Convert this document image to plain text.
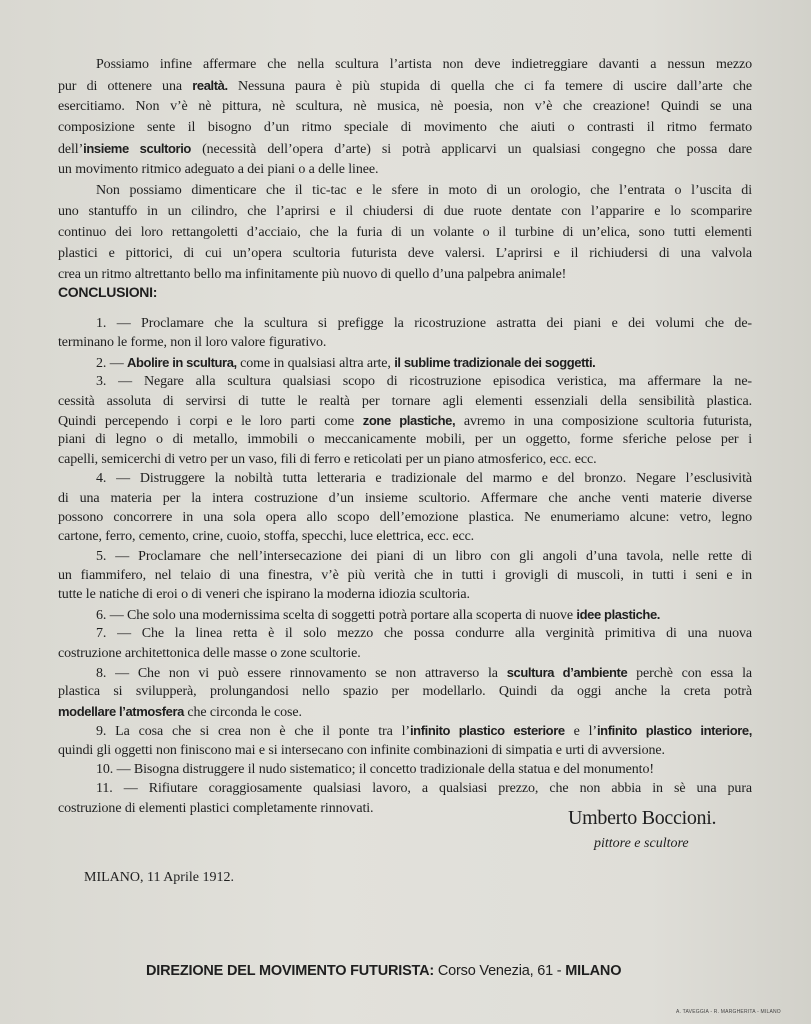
Possiamo infine affermare che nella scultura l’artista non deve indietreggiare davanti a nessun mezzo
pur di ottenere una realtà. Nessuna paura è più stupida di quella che ci fa temere di uscire dall’arte che
esercitiamo. Non v’è nè pittura, nè scultura, nè musica, nè poesia, non v’è che creazione! Quindi se una
composizione sente il bisogno d’un ritmo speciale di movimento che aiuti o contrasti il ritmo fermato
dell’insieme scultorio (necessità dell’opera d’arte) si potrà applicarvi un qualsiasi congegno che possa dare
un movimento ritmico adeguato a dei piani o a delle linee.
Non possiamo dimenticare che il tic-tac e le sfere in moto di un orologio, che l’entrata o l’uscita di
uno stantuffo in un cilindro, che l’aprirsi e il chiudersi di due ruote dentate con l’apparire e lo scomparire
continuo dei loro rettangoletti d’acciaio, che la furia di un volante o il turbine di un’elica, sono tutti elementi
plastici e pittorici, di cui un’opera scultoria futurista deve valersi. L’aprirsi e il richiudersi di una valvola
crea un ritmo altrettanto bello ma infinitamente più nuovo di quello d’una palpebra animale!
CONCLUSIONI:
1. — Proclamare che la scultura si prefigge la ricostruzione astratta dei piani e dei volumi che de-
terminano le forme, non il loro valore figurativo.
2. — Abolire in scultura, come in qualsiasi altra arte, il sublime tradizionale dei soggetti.
3. — Negare alla scultura qualsiasi scopo di ricostruzione episodica veristica, ma affermare la ne-
cessità assoluta di servirsi di tutte le realtà per tornare agli elementi essenziali della sensibilità plastica.
Quindi percependo i corpi e le loro parti come zone plastiche, avremo in una composizione scultoria futurista,
piani di legno o di metallo, immobili o meccanicamente mobili, per un oggetto, forme sferiche pelose per i
capelli, semicerchi di vetro per un vaso, fili di ferro e reticolati per un piano atmosferico, ecc. ecc.
4. — Distruggere la nobiltà tutta letteraria e tradizionale del marmo e del bronzo. Negare l’esclusività
di una materia per la intera costruzione d’un insieme scultorio. Affermare che anche venti materie diverse
possono concorrere in una sola opera allo scopo dell’emozione plastica. Ne enumeriamo alcune: vetro, legno
cartone, ferro, cemento, crine, cuoio, stoffa, specchi, luce elettrica, ecc. ecc.
5. — Proclamare che nell’intersecazione dei piani di un libro con gli angoli d’una tavola, nelle rette di
un fiammifero, nel telaio di una finestra, v’è più verità che in tutti i grovigli di muscoli, in tutti i seni e in
tutte le natiche di eroi o di veneri che ispirano la moderna idiozia scultoria.
6. — Che solo una modernissima scelta di soggetti potrà portare alla scoperta di nuove idee plastiche.
7. — Che la linea retta è il solo mezzo che possa condurre alla verginità primitiva di una nuova
costruzione architettonica delle masse o zone scultorie.
8. — Che non vi può essere rinnovamento se non attraverso la scultura d’ambiente perchè con essa la
plastica si svilupperà, prolungandosi nello spazio per modellarlo. Quindi da oggi anche la creta potrà
modellare l’atmosfera che circonda le cose.
9. La cosa che si crea non è che il ponte tra l’infinito plastico esteriore e l’infinito plastico interiore,
quindi gli oggetti non finiscono mai e si intersecano con infinite combinazioni di simpatia e urti di avversione.
10. — Bisogna distruggere il nudo sistematico; il concetto tradizionale della statua e del monumento!
11. — Rifiutare coraggiosamente qualsiasi lavoro, a qualsiasi prezzo, che non abbia in sè una pura
costruzione di elementi plastici completamente rinnovati.	Umberto Boccioni.
pittore e scultore
MILANO, 11 Aprile 1912.
DIREZIONE DEL MOVIMENTO FUTURISTA: Corso Venezia, 61 - MILANO
A. TAVEGGIA - R. MARGHERITA - MILANO
